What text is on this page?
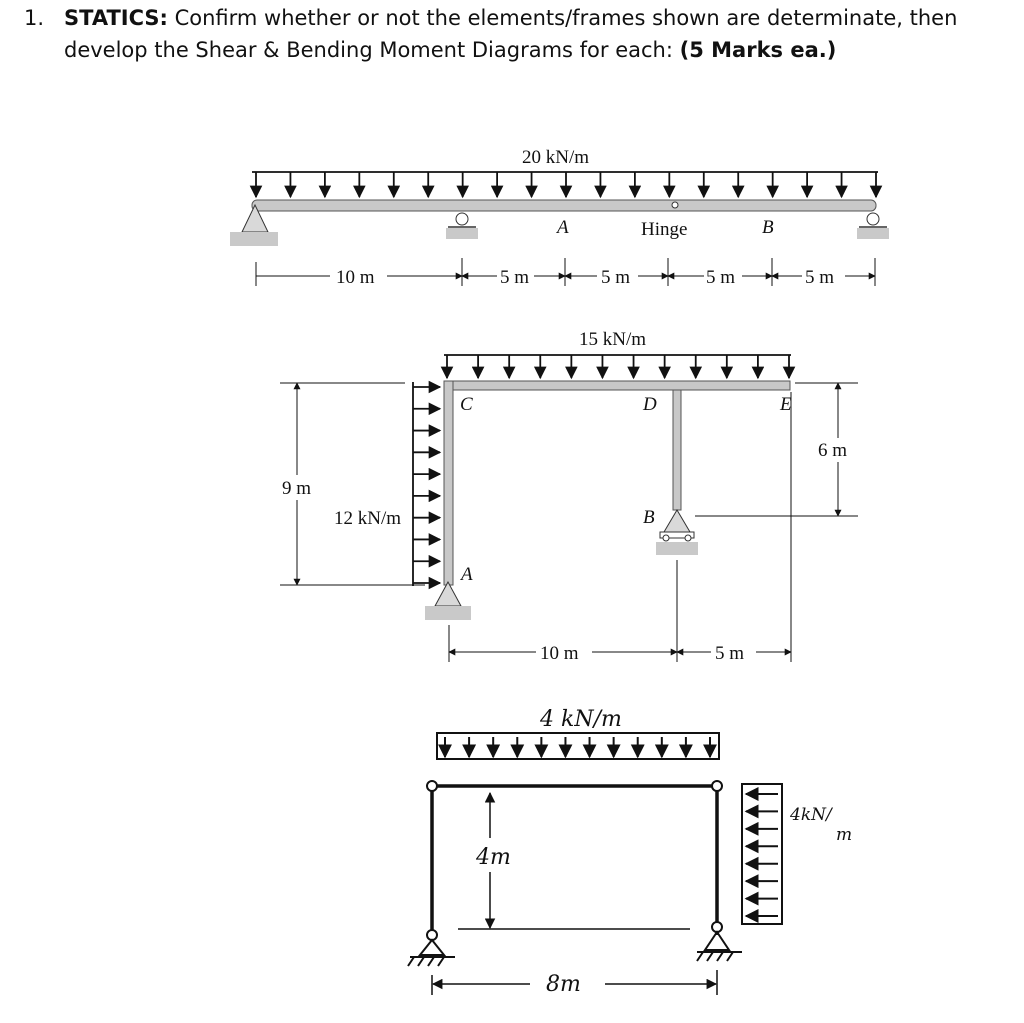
1. STATICS: Confirm whether or not the elements/frames shown are determinate, then
develop the Shear & Bending Moment Diagrams for each: (5 Marks ea.)
20 kN/m
A	Hinge	B
10 m	5 m	5 m	5 m	5 m
15 kN/m
12 kN/m
C	D	E
B
A
9 m
6 m
10 m	5 m
4 kN/m
4m
8m
4kN/
m
